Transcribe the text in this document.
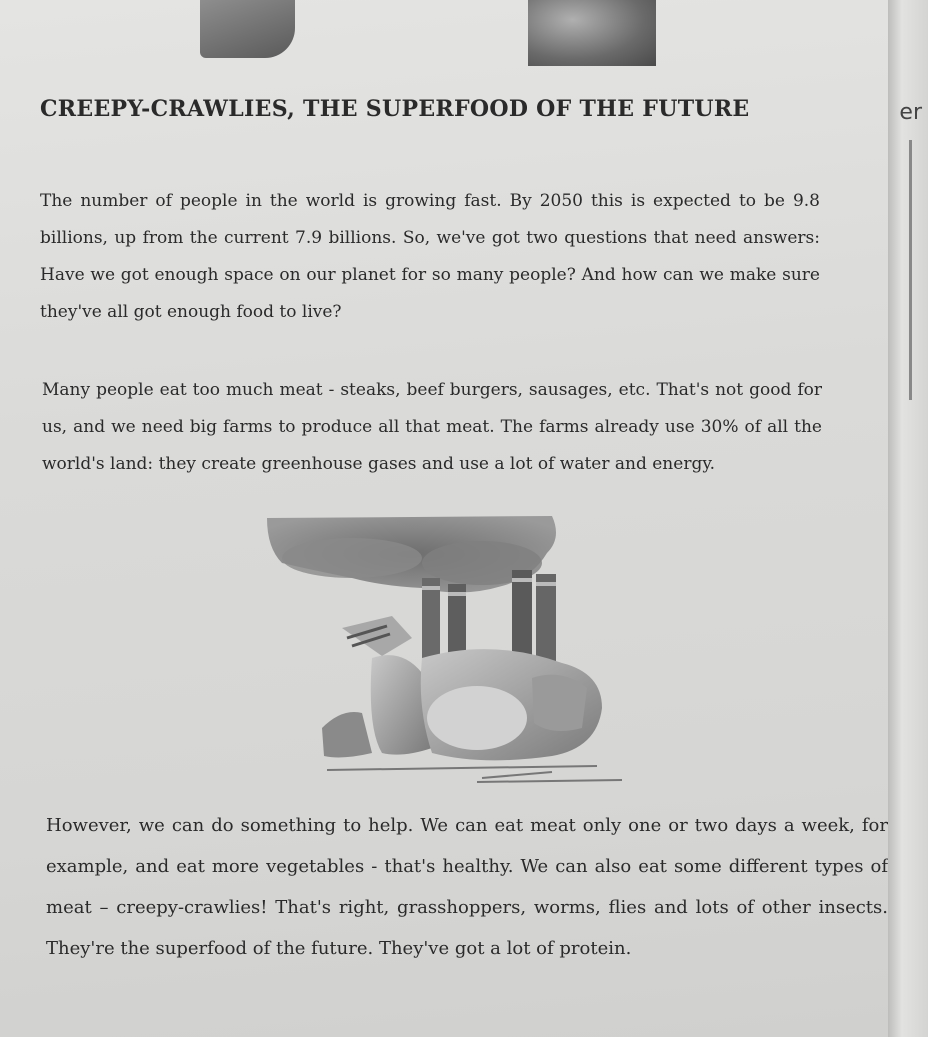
CREEPY-CRAWLIES, THE SUPERFOOD OF THE FUTURE

The number of people in the world is growing fast. By 2050 this is expected to be 9.8 billions, up from the current 7.9 billions. So, we've got two questions that need answers: Have we got enough space on our planet for so many people? And how can we make sure they've all got enough food to live?

Many people eat too much meat - steaks, beef burgers, sausages, etc. That's not good for us, and we need big farms to produce all that meat. The farms already use 30% of all the world's land: they create greenhouse gases and use a lot of water and energy.

However, we can do something to help. We can eat meat only one or two days a week, for example, and eat more vegetables - that's healthy. We can also eat some different types of meat – creepy-crawlies! That's right, grasshoppers, worms, flies and lots of other insects. They're the superfood of the future. They've got a lot of protein.

er
